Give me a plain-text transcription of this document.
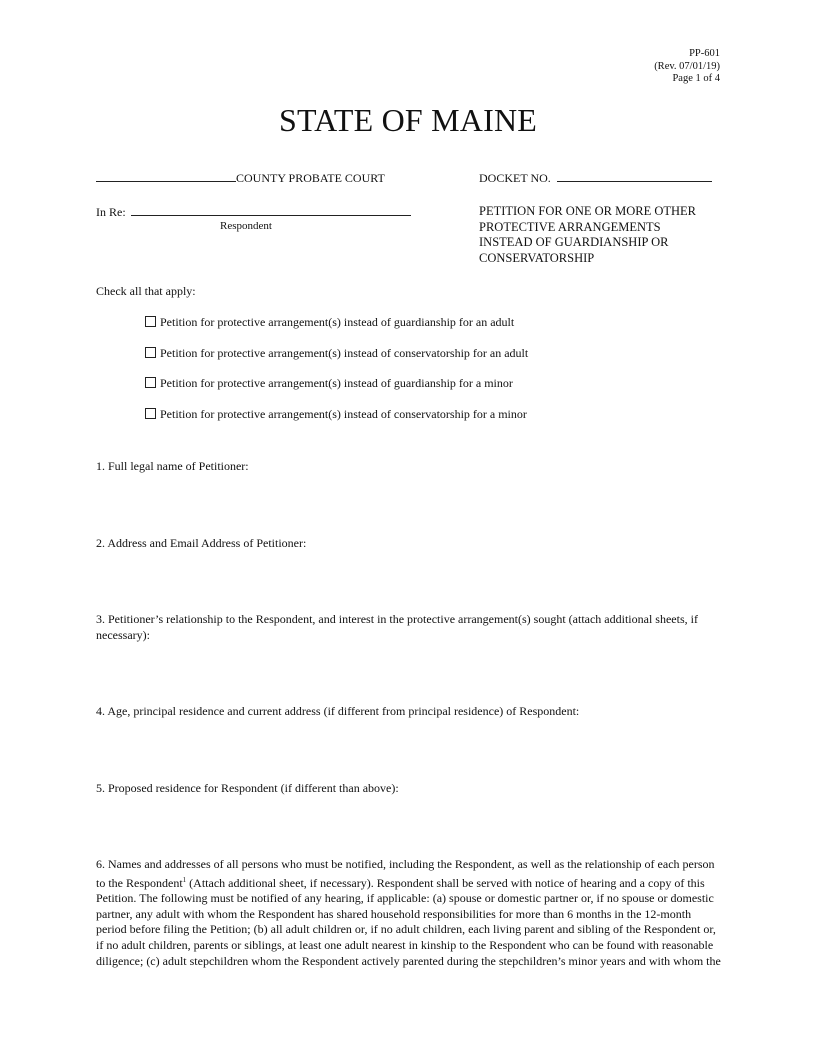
PP-601
(Rev. 07/01/19)
Page 1 of 4
STATE OF MAINE
COUNTY PROBATE COURT	DOCKET NO.
In Re:
Respondent
PETITION FOR ONE OR MORE OTHER
PROTECTIVE ARRANGEMENTS
INSTEAD OF GUARDIANSHIP OR
CONSERVATORSHIP
Check all that apply:
Petition for protective arrangement(s) instead of guardianship for an adult
Petition for protective arrangement(s) instead of conservatorship for an adult
Petition for protective arrangement(s) instead of guardianship for a minor
Petition for protective arrangement(s) instead of conservatorship for a minor
1. Full legal name of Petitioner:
2. Address and Email Address of Petitioner:
3. Petitioner’s relationship to the Respondent, and interest in the protective arrangement(s) sought (attach additional sheets, if necessary):
4. Age, principal residence and current address (if different from principal residence) of Respondent:
5. Proposed residence for Respondent (if different than above):
6. Names and addresses of all persons who must be notified, including the Respondent, as well as the relationship of each person to the Respondent$^1$ (Attach additional sheet, if necessary). Respondent shall be served with notice of hearing and a copy of this Petition. The following must be notified of any hearing, if applicable: (a) spouse or domestic partner or, if no spouse or domestic partner, any adult with whom the Respondent has shared household responsibilities for more than 6 months in the 12-month period before filing the Petition; (b) all adult children or, if no adult children, each living parent and sibling of the Respondent or, if no adult children, parents or siblings, at least one adult nearest in kinship to the Respondent who can be found with reasonable diligence; (c) adult stepchildren whom the Respondent actively parented during the stepchildren’s minor years and with whom the
